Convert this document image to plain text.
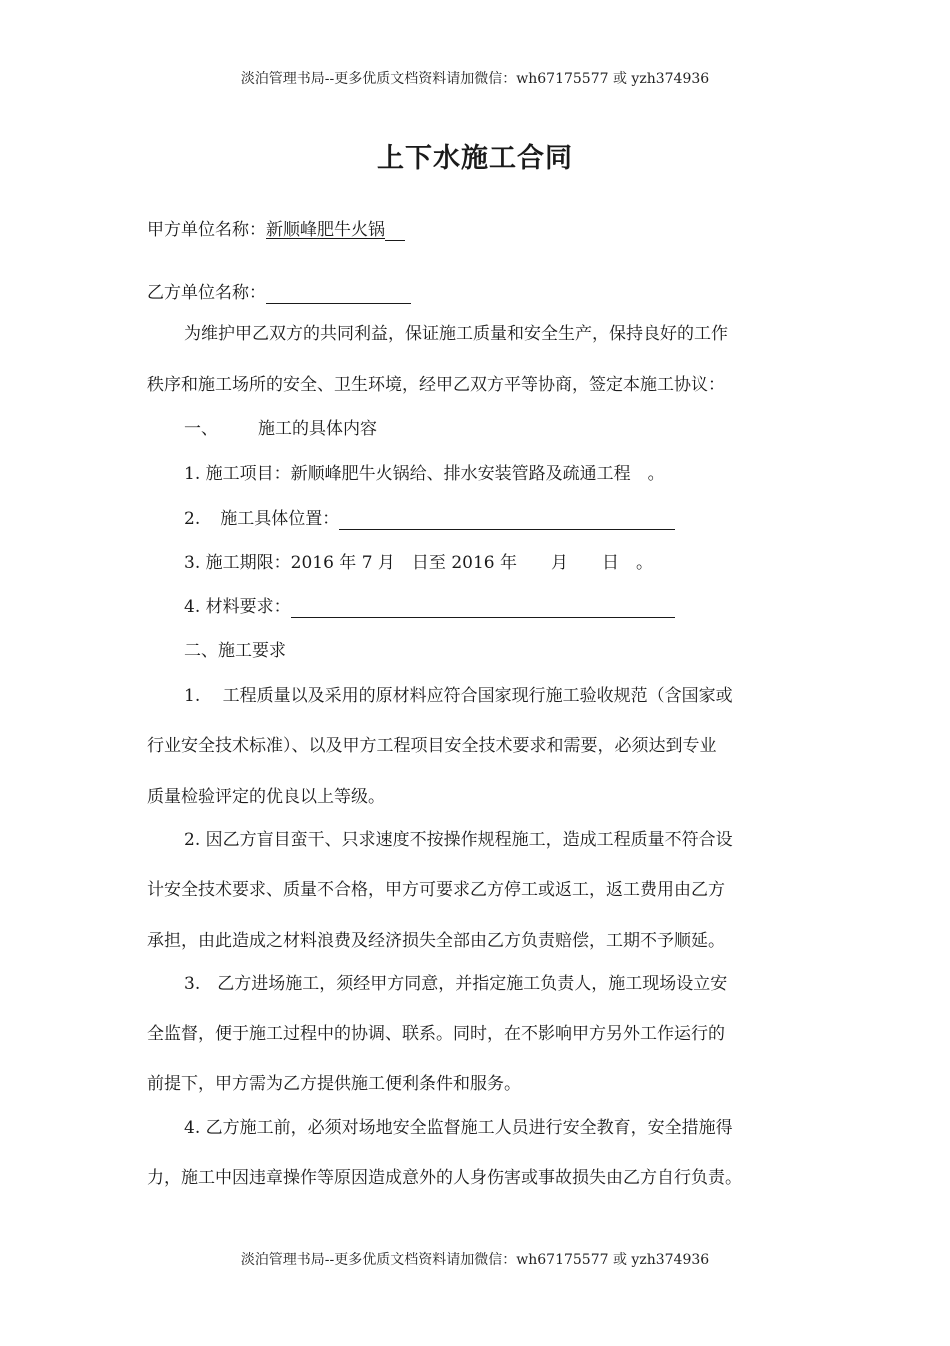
淡泊管理书局--更多优质文档资料请加微信：wh67175577 或 yzh374936
上下水施工合同
甲方单位名称：新顺峰肥牛火锅
乙方单位名称：
为维护甲乙双方的共同利益，保证施工质量和安全生产，保持良好的工作
秩序和施工场所的安全、卫生环境，经甲乙双方平等协商，签定本施工协议：
一、 施工的具体内容
1. 施工项目：新顺峰肥牛火锅给、排水安装管路及疏通工程　。
2. 施工具体位置：
3. 施工期限：2016 年 7 月　日至 2016 年　　月　　日　。
4. 材料要求：
二、施工要求
1.　 工程质量以及采用的原材料应符合国家现行施工验收规范（含国家或
行业安全技术标准）、以及甲方工程项目安全技术要求和需要，必须达到专业
质量检验评定的优良以上等级。
2. 因乙方盲目蛮干、只求速度不按操作规程施工，造成工程质量不符合设
计安全技术要求、质量不合格，甲方可要求乙方停工或返工，返工费用由乙方
承担，由此造成之材料浪费及经济损失全部由乙方负责赔偿，工期不予顺延。
3.　乙方进场施工，须经甲方同意，并指定施工负责人，施工现场设立安
全监督，便于施工过程中的协调、联系。同时，在不影响甲方另外工作运行的
前提下，甲方需为乙方提供施工便利条件和服务。
4. 乙方施工前，必须对场地安全监督施工人员进行安全教育，安全措施得
力，施工中因违章操作等原因造成意外的人身伤害或事故损失由乙方自行负责。
淡泊管理书局--更多优质文档资料请加微信：wh67175577 或 yzh374936
